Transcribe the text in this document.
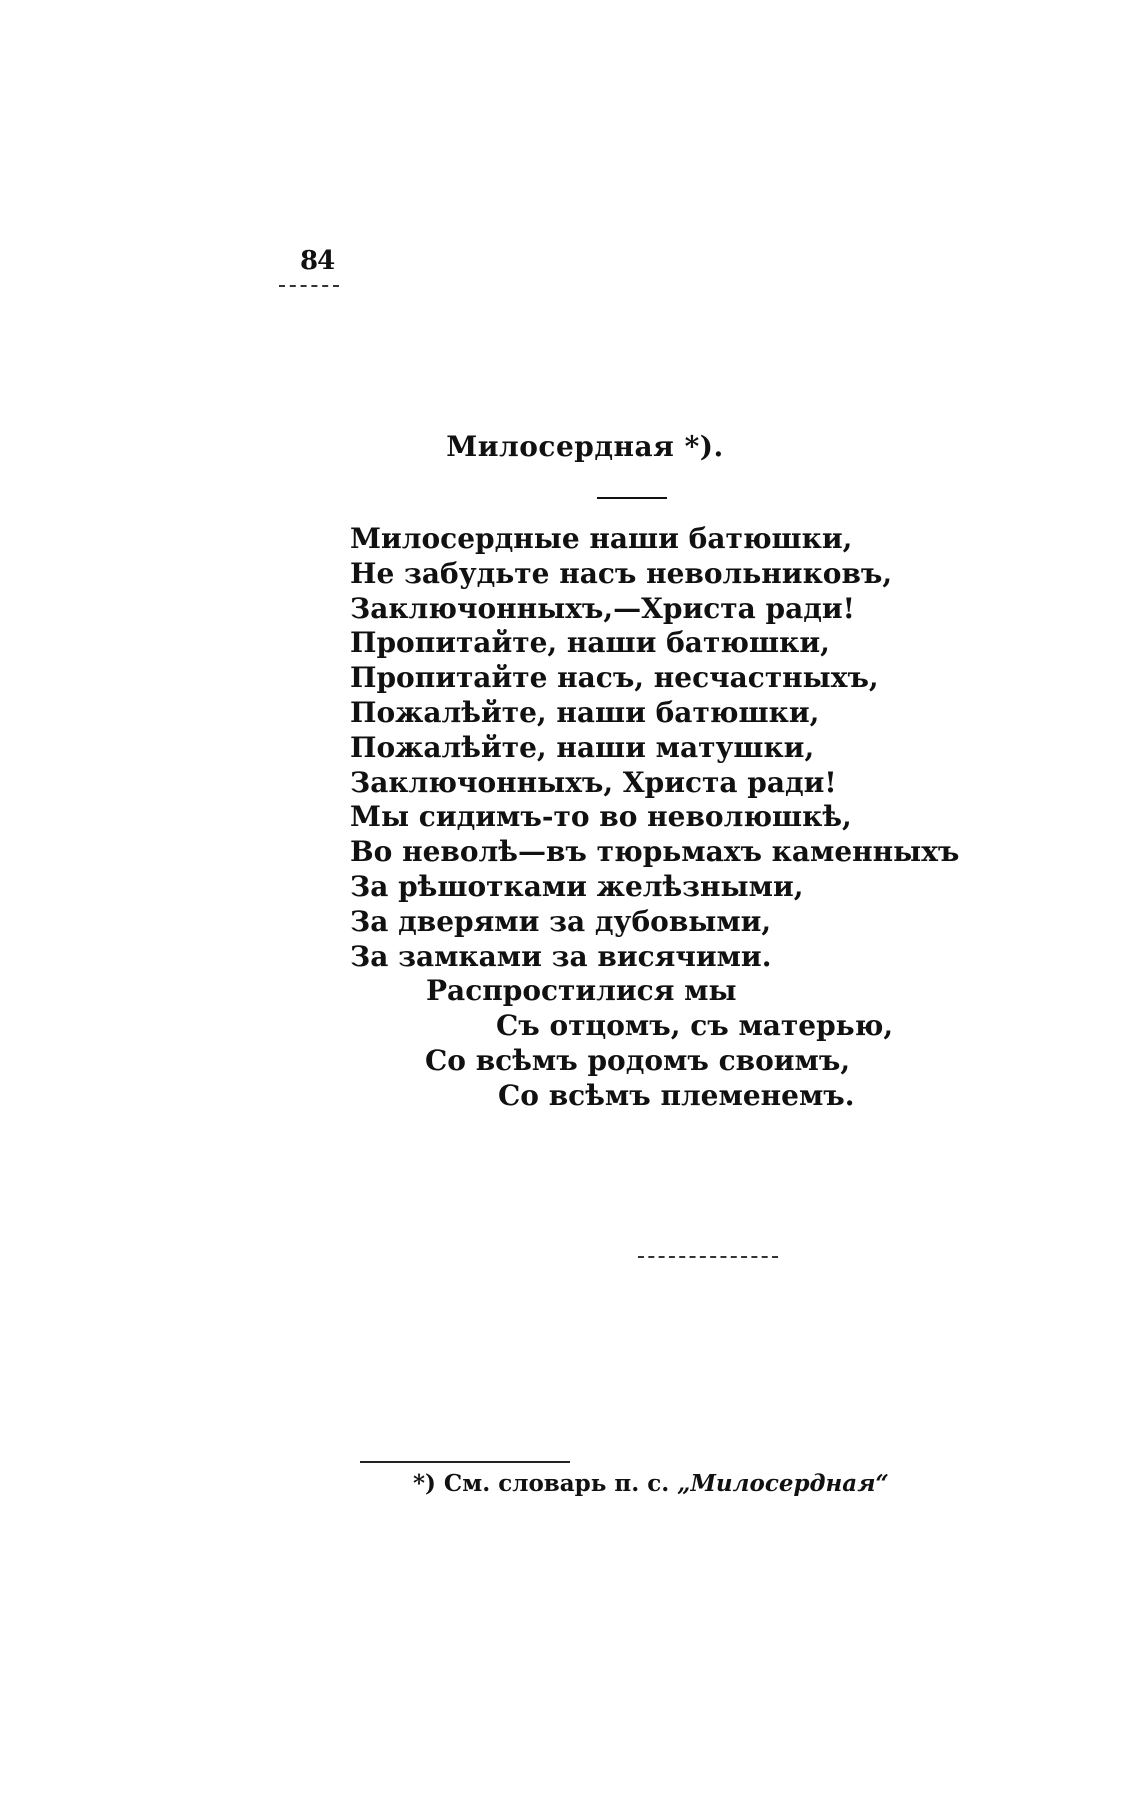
84
Милосердная *).
Милосердные наши батюшки,
Не забудьте насъ невольниковъ,
Заключонныхъ,—Христа ради!
Пропитайте, наши батюшки,
Пропитайте насъ, несчастныхъ,
Пожалѣйте, наши батюшки,
Пожалѣйте, наши матушки,
Заключонныхъ, Христа ради!
Мы сидимъ-то во неволюшкѣ,
Во неволѣ—въ тюрьмахъ каменныхъ
За рѣшотками желѣзными,
За дверями за дубовыми,
За замками за висячими.
Распростилися мы
Съ отцомъ, съ матерью,
Со всѣмъ родомъ своимъ,
Со всѣмъ племенемъ.
*) См. словарь п. с. „Милосердная“
